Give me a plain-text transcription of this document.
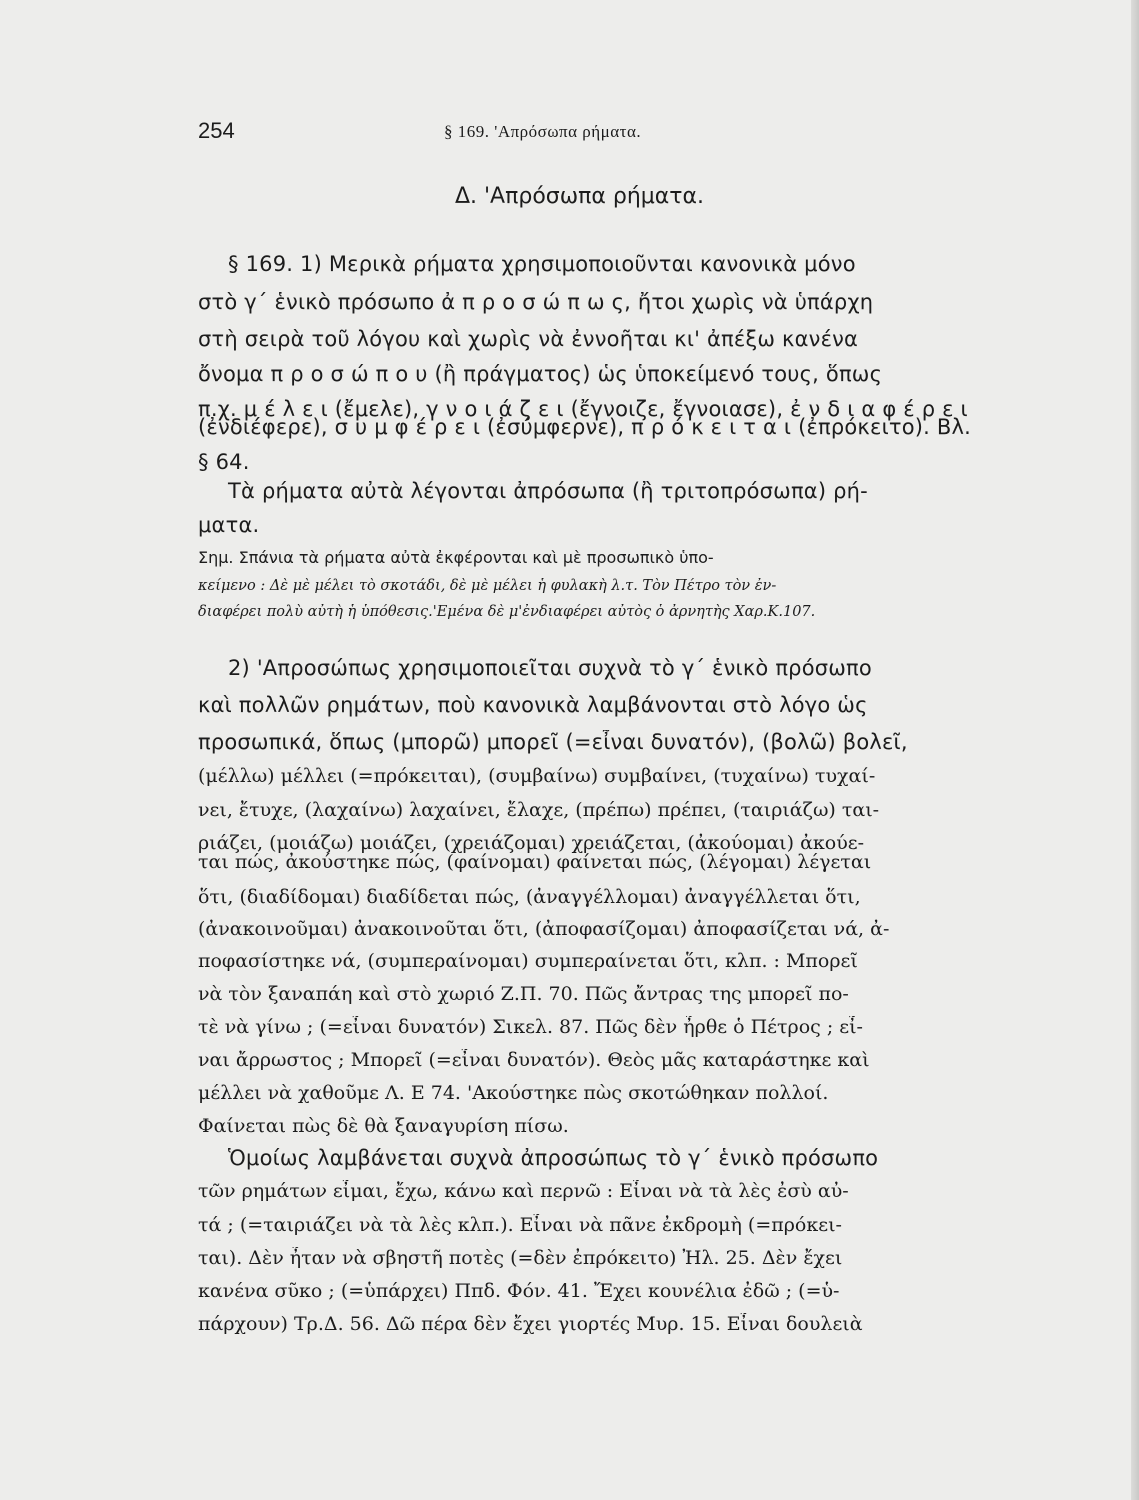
254	§ 169. 'Απρόσωπα ρήματα.
Δ. 'Απρόσωπα ρήματα.
§ 169. 1) Μερικὰ ρήματα χρησιμοποιοῦνται κανονικὰ μόνο
στὸ γ΄ ἑνικὸ πρόσωπο ἀ π ρ ο σ ώ π ω ς, ἤτοι χωρὶς νὰ ὑπάρχη
στὴ σειρὰ τοῦ λόγου καὶ χωρὶς νὰ ἐννοῆται κι' ἀπέξω κανένα
ὄνομα π ρ ο σ ώ π ο υ (ἢ πράγματος) ὡς ὑποκείμενό τους, ὅπως
π.χ. μ έ λ ε ι (ἔμελε), γ ν ο ι ά ζ ε ι (ἔγνοιζε, ἔγνοιασε), ἐ ν δ ι α φ έ ρ ε ι
(ἐνδιέφερε), σ υ μ φ έ ρ ε ι (ἐσύμφερνε), π ρ ό κ ε ι τ α ι (ἐπρόκειτο). Βλ.
§ 64.
Τὰ ρήματα αὐτὰ λέγονται ἀπρόσωπα (ἢ τριτοπρόσωπα) ρή-
ματα.
Σημ. Σπάνια τὰ ρήματα αὐτὰ ἐκφέρονται καὶ μὲ προσωπικὸ ὑπο-
κείμενο : Δὲ μὲ μέλει τὸ σκοτάδι, δὲ μὲ μέλει ἡ φυλακὴ λ.τ. Τὸν Πέτρο τὸν ἐν-
διαφέρει πολὺ αὐτὴ ἡ ὑπόθεσις.'Εμένα δὲ μ'ἐνδιαφέρει αὐτὸς ὁ ἀρνητὴς Χαρ.Κ.107.
2) 'Απροσώπως χρησιμοποιεῖται συχνὰ τὸ γ΄ ἑνικὸ πρόσωπο
καὶ πολλῶν ρημάτων, ποὺ κανονικὰ λαμβάνονται στὸ λόγο ὡς
προσωπικά, ὅπως (μπορῶ) μπορεῖ (=εἶναι δυνατόν), (βολῶ) βολεῖ,
(μέλλω) μέλλει (=πρόκειται), (συμβαίνω) συμβαίνει, (τυχαίνω) τυχαί-
νει, ἔτυχε, (λαχαίνω) λαχαίνει, ἔλαχε, (πρέπω) πρέπει, (ταιριάζω) ται-
ριάζει, (μοιάζω) μοιάζει, (χρειάζομαι) χρειάζεται, (ἀκούομαι) ἀκούε-
ται πώς, ἀκούστηκε πώς, (φαίνομαι) φαίνεται πώς, (λέγομαι) λέγεται
ὅτι, (διαδίδομαι) διαδίδεται πώς, (ἀναγγέλλομαι) ἀναγγέλλεται ὅτι,
(ἀνακοινοῦμαι) ἀνακοινοῦται ὅτι, (ἀποφασίζομαι) ἀποφασίζεται νά, ἀ-
ποφασίστηκε νά, (συμπεραίνομαι) συμπεραίνεται ὅτι, κλπ. : Μπορεῖ
νὰ τὸν ξαναπάη καὶ στὸ χωριό Ζ.Π. 70. Πῶς ἄντρας της μπορεῖ πο-
τὲ νὰ γίνω ; (=εἶναι δυνατόν) Σικελ. 87. Πῶς δὲν ἦρθε ὁ Πέτρος ; εἶ-
ναι ἄρρωστος ; Μπορεῖ (=εἶναι δυνατόν). Θεὸς μᾶς καταράστηκε καὶ
μέλλει νὰ χαθοῦμε Λ. Ε 74. 'Ακούστηκε πὼς σκοτώθηκαν πολλοί.
Φαίνεται πὼς δὲ θὰ ξαναγυρίση πίσω.
Ὁμοίως λαμβάνεται συχνὰ ἀπροσώπως τὸ γ΄ ἑνικὸ πρόσωπο
τῶν ρημάτων εἶμαι, ἔχω, κάνω καὶ περνῶ : Εἶναι νὰ τὰ λὲς ἐσὺ αὐ-
τά ; (=ταιριάζει νὰ τὰ λὲς κλπ.). Εἶναι νὰ πᾶνε ἐκδρομὴ (=πρόκει-
ται). Δὲν ἦταν νὰ σβηστῆ ποτὲς (=δὲν ἐπρόκειτο) Ἠλ. 25. Δὲν ἔχει
κανένα σῦκο ; (=ὑπάρχει) Ππδ. Φόν. 41. Ἔχει κουνέλια ἐδῶ ; (=ὑ-
πάρχουν) Τρ.Δ. 56. Δῶ πέρα δὲν ἔχει γιορτές Μυρ. 15. Εἶναι δουλειὰ
